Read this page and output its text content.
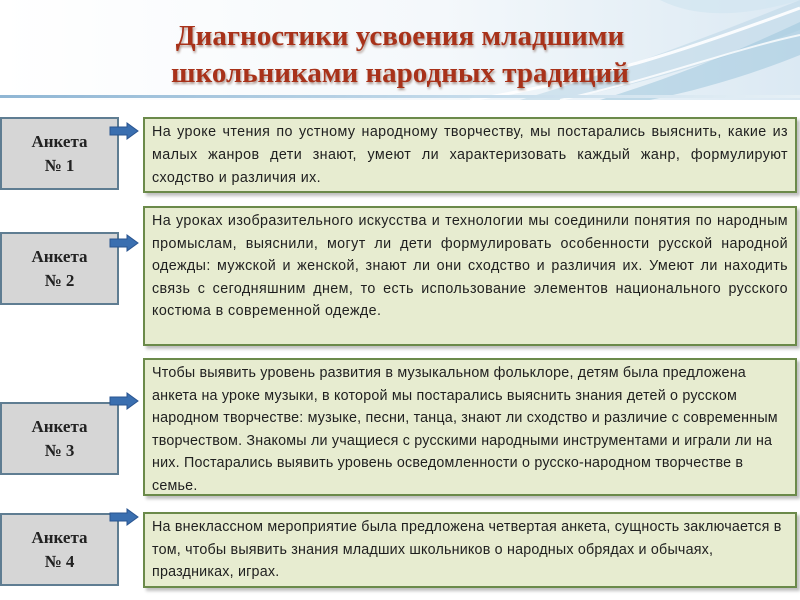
Диагностики усвоения младшими
школьниками народных традиций
Анкета
№ 1
На уроке чтения по устному народному творчеству, мы постарались выяснить, какие из малых жанров дети знают, умеют ли характеризовать каждый жанр, формулируют сходство и различия их.
Анкета
№ 2
На уроках изобразительного искусства и технологии мы соединили понятия по народным промыслам, выяснили, могут ли дети формулировать особенности русской народной одежды: мужской и женской, знают ли они сходство и различия их. Умеют ли находить связь с сегодняшним днем, то есть использование элементов национального русского костюма в современной одежде.
Анкета
№ 3
Чтобы выявить уровень развития в музыкальном фольклоре, детям была предложена анкета на уроке музыки, в которой мы постарались выяснить знания детей о русском народном творчестве: музыке, песни, танца, знают ли сходство и различие с современным творчеством. Знакомы ли учащиеся с русскими народными инструментами и играли ли на них. Постарались выявить уровень осведомленности о русско-народном творчестве в семье.
Анкета
№ 4
На внеклассном мероприятие была предложена четвертая анкета, сущность заключается в том, чтобы выявить знания младших школьников о народных обрядах и обычаях, праздниках, играх.
